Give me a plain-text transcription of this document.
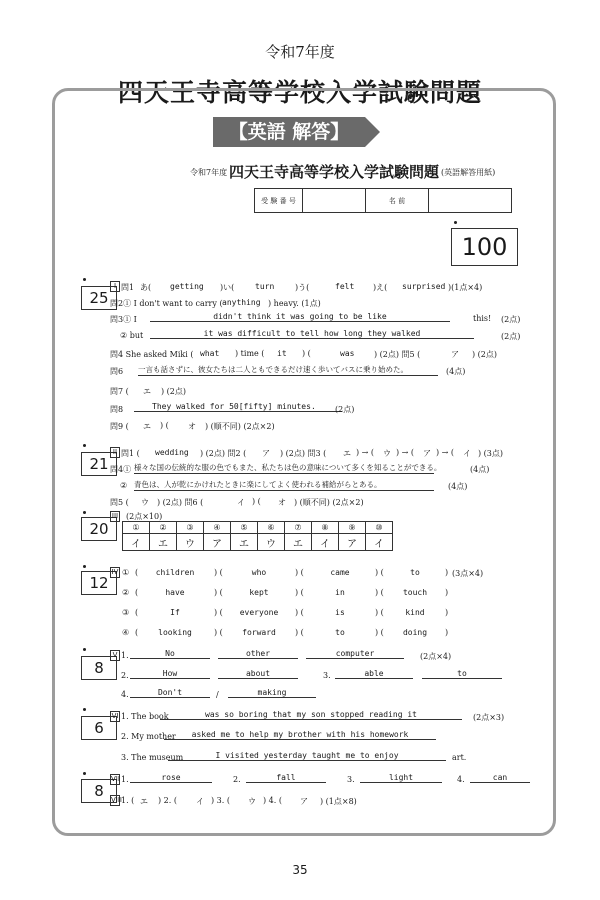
令和7年度
四天王寺高等学校入学試験問題
【英語 解答】
令和7年度 四天王寺高等学校入学試験問題 (英語解答用紙)
受 験 番 号		名 前	
100
25
I 問1 あ( getting )い(	turn	)う(	felt )え( surprised )(1点×4)
問2① I don't want to carry ( anything ) heavy. (1点)
問3① I	didn't think it was going to be like	this! (2点)
② but	it was difficult to tell how long they walked	(2点)
問4 She asked Miki ( what ) time ( it ) (	was ) (2点) 問5 (	ア ) (2点)
問6 一言も話さずに、彼女たちは二人ともできるだけ速く歩いてバスに乗り始めた。	(4点)
問7 ( エ ) (2点)
問8	They walked for 50[fifty] minutes.	(2点)
問9 ( エ ) ( オ ) (順不同) (2点×2)
21
II 問1 ( wedding ) (2点) 問2 ( ア ) (2点) 問3 ( エ ) → ( ウ ) → ( ア ) → ( イ ) (3点)
問4① 様々な国の伝統的な服の色でもまた、私たちは色の意味について多くを知ることができる。	(4点)
② 青色は、人が乾にかけれたときに楽にしてよく使われる補給がらとある。	(4点)
問5 ( ウ ) (2点) 問6 (	イ ) ( オ ) (順不同) (2点×2)
20
III (2点×10)
①	②	③	④	⑤	⑥	⑦	⑧	⑨	⑩
イ	エ	ウ	ア	エ	ウ	エ	イ	ア	イ
12
IV	(3点×4)
① (	children	) (	who	) (	came	) (	to	)
② (	have	) (	kept	) (	in	) (	touch	)
③ (	If	) (	everyone	) (	is	) (	kind	)
④ (	looking	) (	forward	) (	to	) (	doing	)
8
V 1.	No	other	computer	(2点×4)
2.	How	about	3.	able	to
4.	Don't	/	making
6
VI 1. The book	was so boring that my son stopped reading it	(2点×3)
2. My mother	asked me to help my brother with his homework
3. The museum	I visited yesterday taught me to enjoy	art.
8
VII 1.	rose	2.	fall	3.	light	4.	can
VIII 1. ( エ ) 2. ( イ ) 3. ( ウ ) 4. ( ア ) (1点×8)
35
